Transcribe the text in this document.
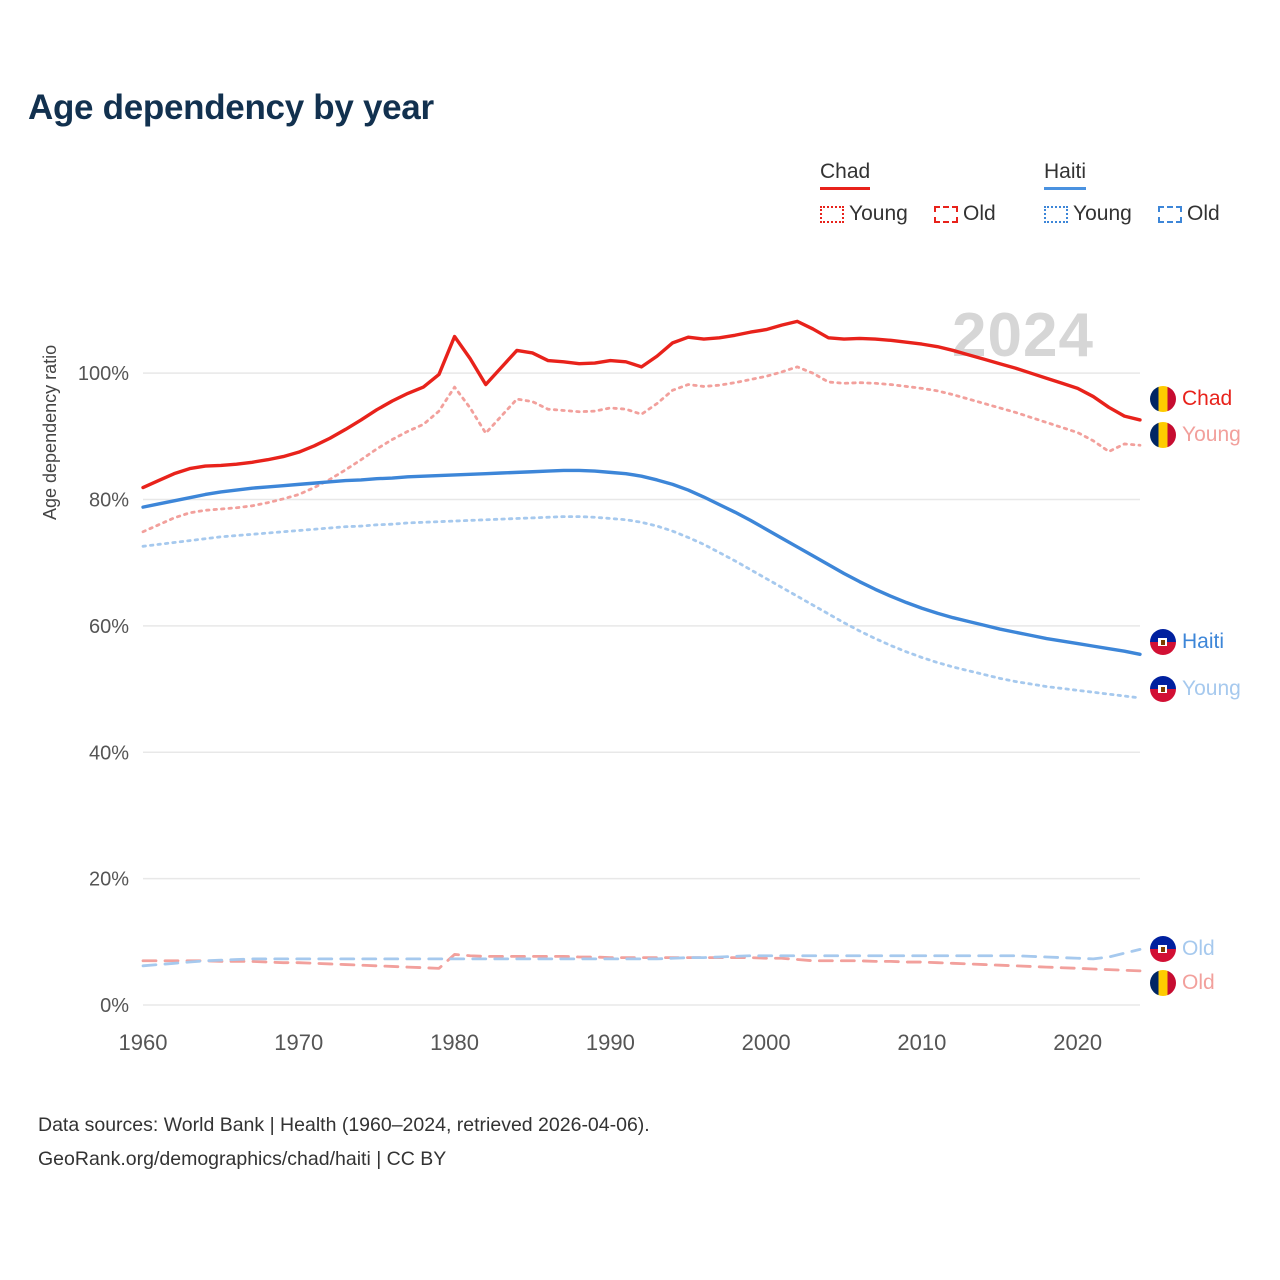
Age dependency by year
Chad	Haiti
Young	Old	Young	Old
2024
Age dependency ratio
0%
20%
40%
60%
80%
100%
1960	1970	1980	1990	2000	2010	2020
Chad
Young
Haiti
Young
Old
Old
Data sources: World Bank | Health (1960–2024, retrieved 2026-04-06).
GeoRank.org/demographics/chad/haiti | CC BY
